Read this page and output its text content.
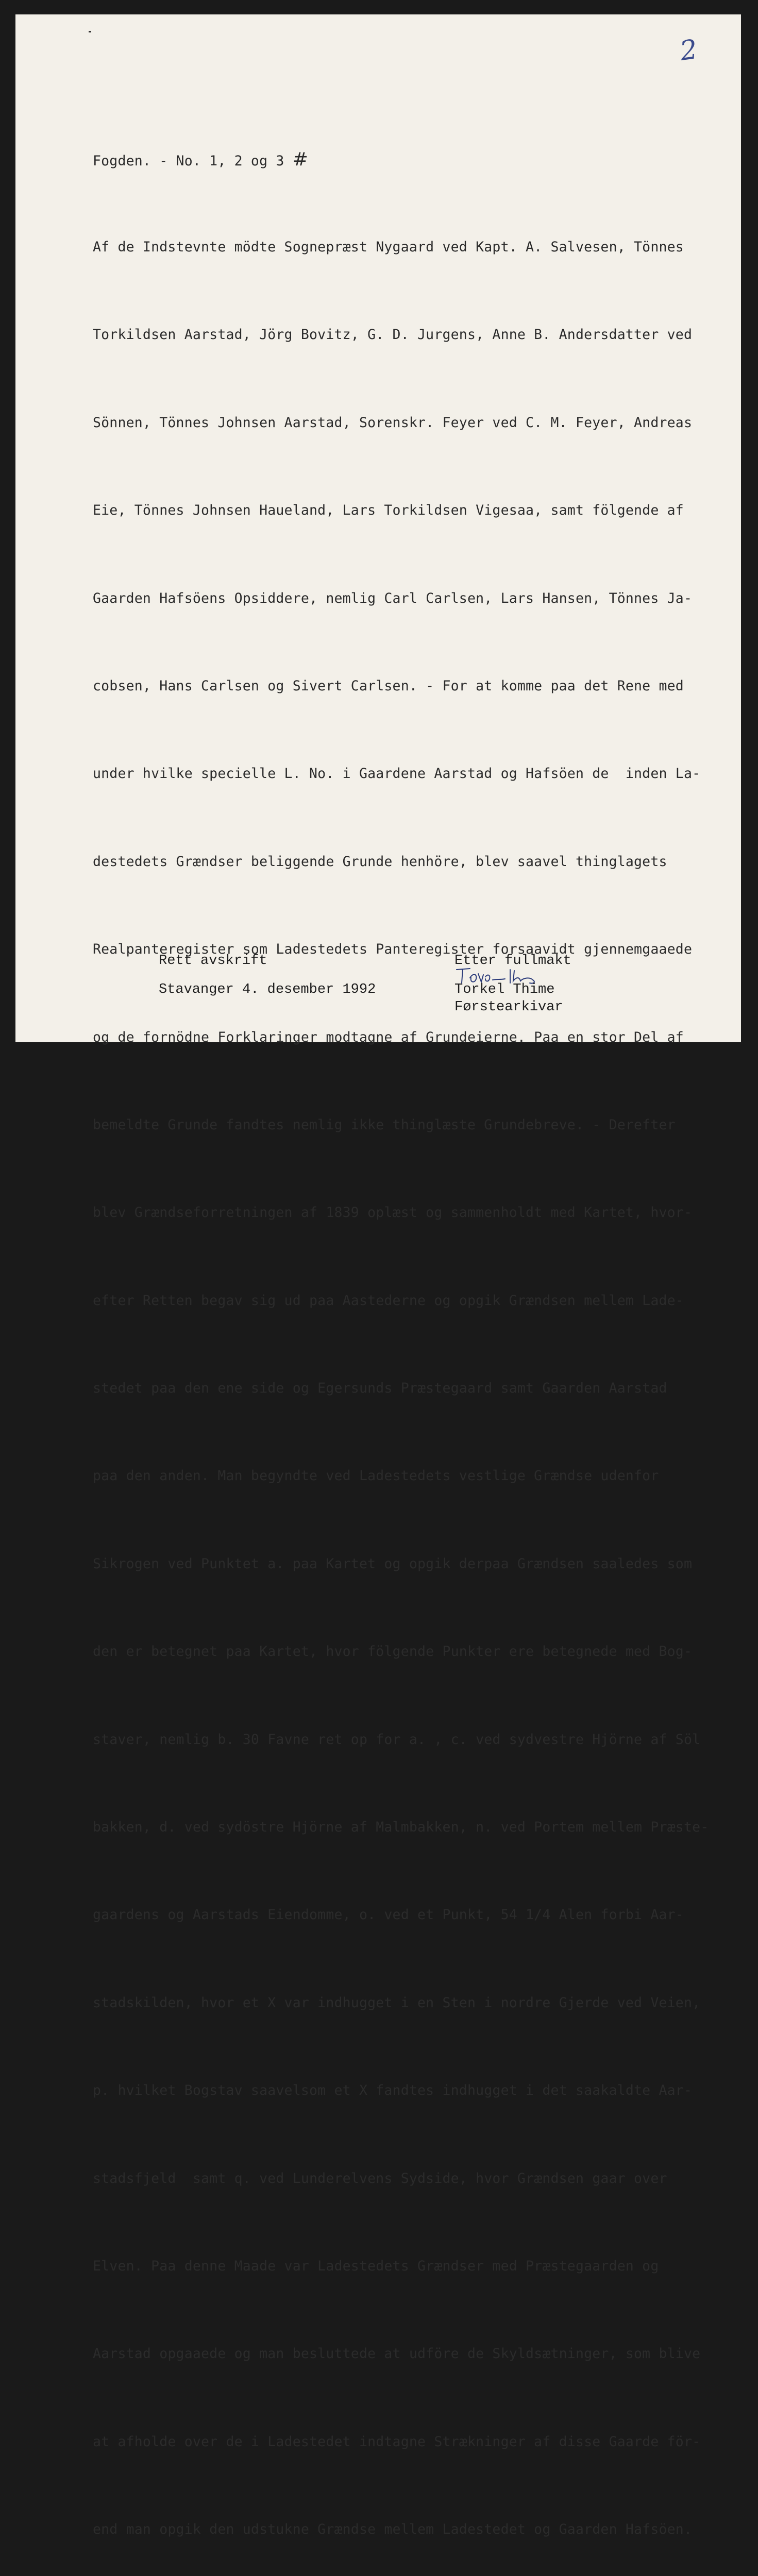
2

Fogden. - No. 1, 2 og 3 #

Af de Indstevnte mödte Sognepræst Nygaard ved Kapt. A. Salvesen, Tönnes

Torkildsen Aarstad, Jörg Bovitz, G. D. Jurgens, Anne B. Andersdatter ved

Sönnen, Tönnes Johnsen Aarstad, Sorenskr. Feyer ved C. M. Feyer, Andreas

Eie, Tönnes Johnsen Haueland, Lars Torkildsen Vigesaa, samt fölgende af

Gaarden Hafsöens Opsiddere, nemlig Carl Carlsen, Lars Hansen, Tönnes Ja-

cobsen, Hans Carlsen og Sivert Carlsen. - For at komme paa det Rene med

under hvilke specielle L. No. i Gaardene Aarstad og Hafsöen de  inden La-

destedets Grændser beliggende Grunde henhöre, blev saavel thinglagets

Realpanteregister som Ladestedets Panteregister forsaavidt gjennemgaaede

og de fornödne Forklaringer modtagne af Grundeierne. Paa en stor Del af

bemeldte Grunde fandtes nemlig ikke thinglæste Grundebreve. - Derefter

blev Grændseforretningen af 1839 oplæst og sammenholdt med Kartet, hvor-

efter Retten begav sig ud paa Aastederne og opgik Grændsen mellem Lade-

stedet paa den ene side og Egersunds Præstegaard samt Gaarden Aarstad

paa den anden. Man begyndte ved Ladestedets vestlige Grændse udenfor

Sikrogen ved Punktet a. paa Kartet og opgik derpaa Grændsen saaledes som

den er betegnet paa Kartet, hvor fölgende Punkter ere betegnede med Bog-

staver, nemlig b. 30 Favne ret op for a. , c. ved sydvestre Hjörne af Söl

bakken, d. ved sydöstre Hjörne af Malmbakken, n. ved Portem mellem Præste-

gaardens og Aarstads Eiendomme, o. ved et Punkt, 54 1/4 Alen forbi Aar-

stadskilden, hvor et X var indhugget i en Sten i nordre Gjerde ved Veien,

p. hvilket Bogstav saavelsom et X fandtes indhugget i det saakaldte Aar-

stadsfjeld  samt q. ved Lunderelvens Sydside, hvor Grændsen gaar over

Elven. Paa denne Maade var Ladestedets Grændser med Præstegaarden og

Aarstad opgaaede og man besluttede at udföre de Skyldsætninger, som blive

at afholde over de i Ladestedet indtagne Strækninger af disse Gaarde för-

end man opgik den udstukne Grændse mellem Ladestedet og Gaarden Hafsöen.

Rett avskrift
Stavanger 4. desember 1992
Etter fullmakt
Torkel Thime
Førstearkivar
